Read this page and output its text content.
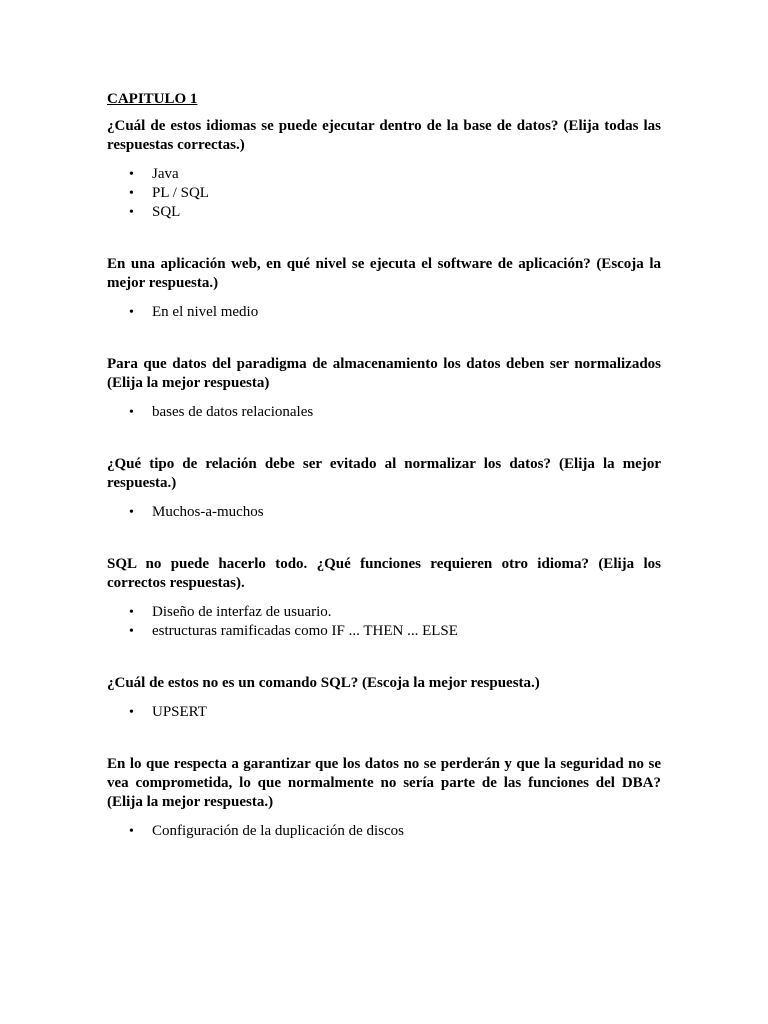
CAPITULO 1

¿Cuál de estos idiomas se puede ejecutar dentro de la base de datos? (Elija todas las respuestas correctas.)

• Java
• PL / SQL
• SQL

En una aplicación web, en qué nivel se ejecuta el software de aplicación? (Escoja la mejor respuesta.)

• En el nivel medio

Para que datos del paradigma de almacenamiento los datos deben ser normalizados (Elija la mejor respuesta)

• bases de datos relacionales

¿Qué tipo de relación debe ser evitado al normalizar los datos? (Elija la mejor respuesta.)

• Muchos-a-muchos

SQL no puede hacerlo todo. ¿Qué funciones requieren otro idioma? (Elija los correctos respuestas).

• Diseño de interfaz de usuario.
• estructuras ramificadas como IF ... THEN ... ELSE

¿Cuál de estos no es un comando SQL? (Escoja la mejor respuesta.)

• UPSERT

En lo que respecta a garantizar que los datos no se perderán y que la seguridad no se vea comprometida, lo que normalmente no sería parte de las funciones del DBA? (Elija la mejor respuesta.)

• Configuración de la duplicación de discos
